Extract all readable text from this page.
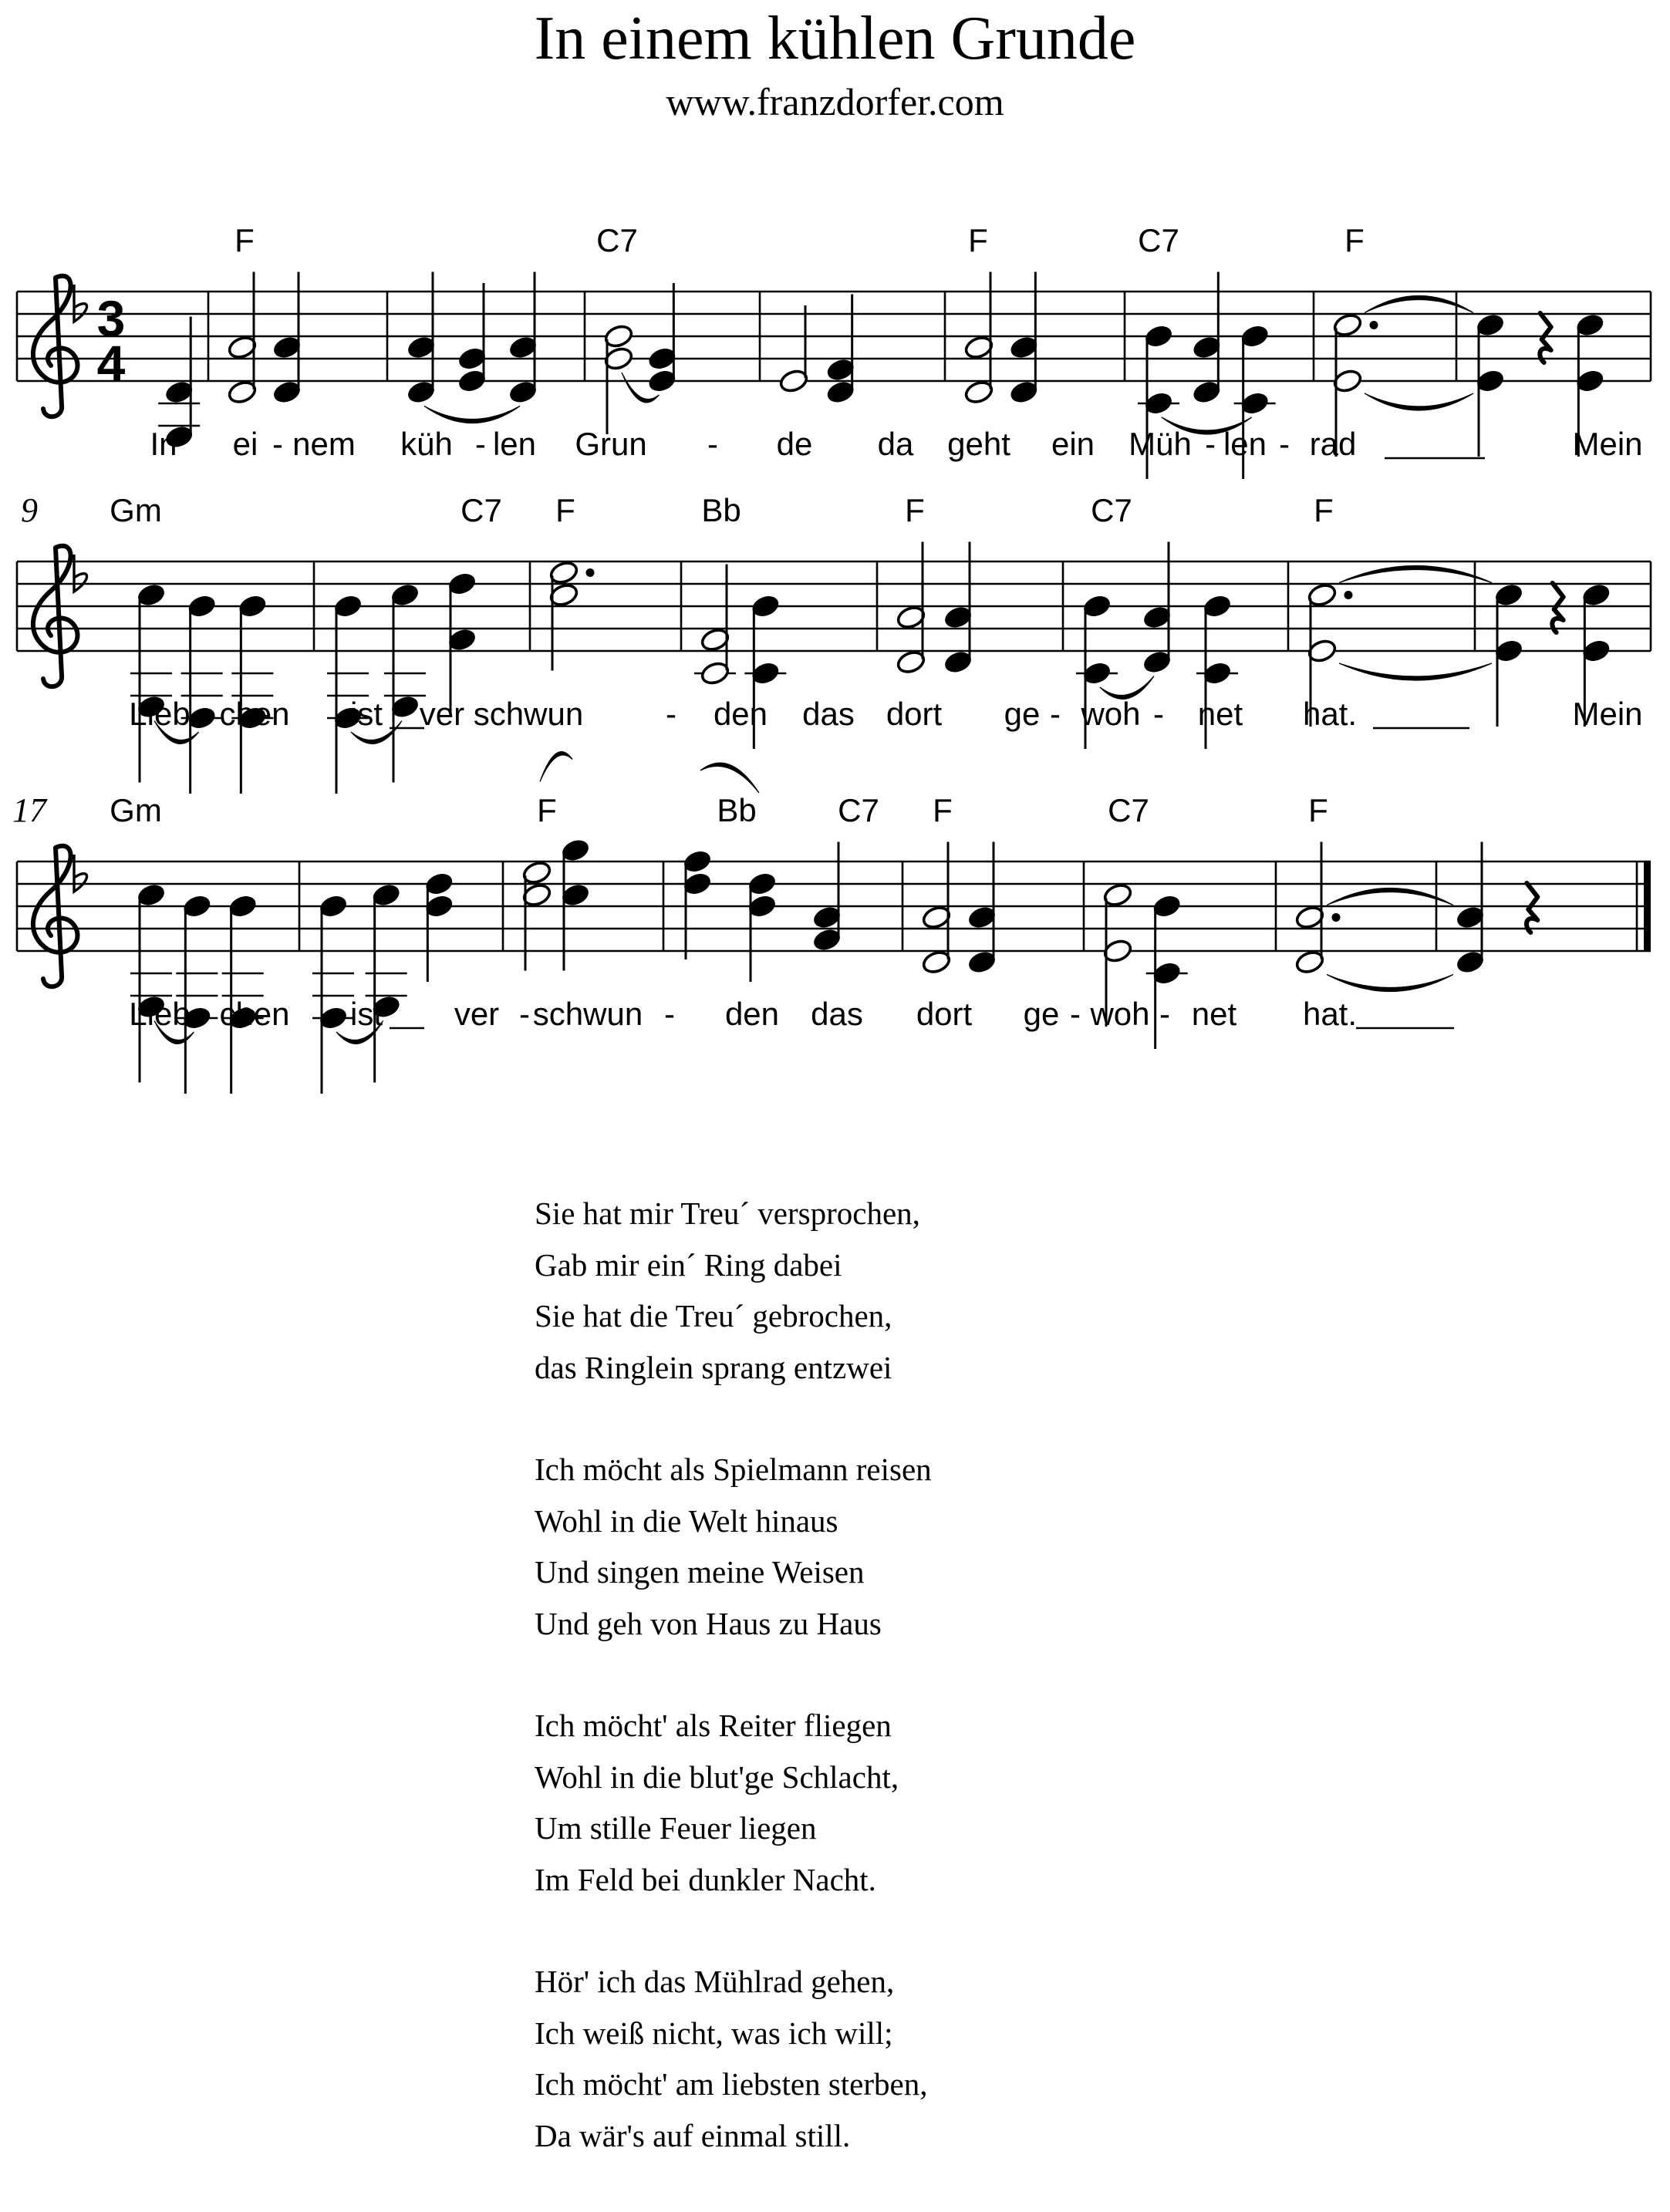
In einem kühlen Grunde
www.franzdorfer.com
3
4
F	C7	F	C7	F
In ei - nem küh - len Grun - de da geht ein Müh - len - rad	Mein
9 Gm	C7 F	Bb	F	C7	F
Lieb - chen ist ver schwun	- den das dort ge - woh - net hat.	Mein
17 Gm	F	Bb	C7 F	C7	F
Lieb - chen ist ver - schwun - den das dort ge - woh - net hat.
Sie hat mir Treu´ versprochen,
Gab mir ein´ Ring dabei
Sie hat die Treu´ gebrochen,
das Ringlein sprang entzwei
Ich möcht als Spielmann reisen
Wohl in die Welt hinaus
Und singen meine Weisen
Und geh von Haus zu Haus
Ich möcht' als Reiter fliegen
Wohl in die blut'ge Schlacht,
Um stille Feuer liegen
Im Feld bei dunkler Nacht.
Hör' ich das Mühlrad gehen,
Ich weiß nicht, was ich will;
Ich möcht' am liebsten sterben,
Da wär's auf einmal still.
